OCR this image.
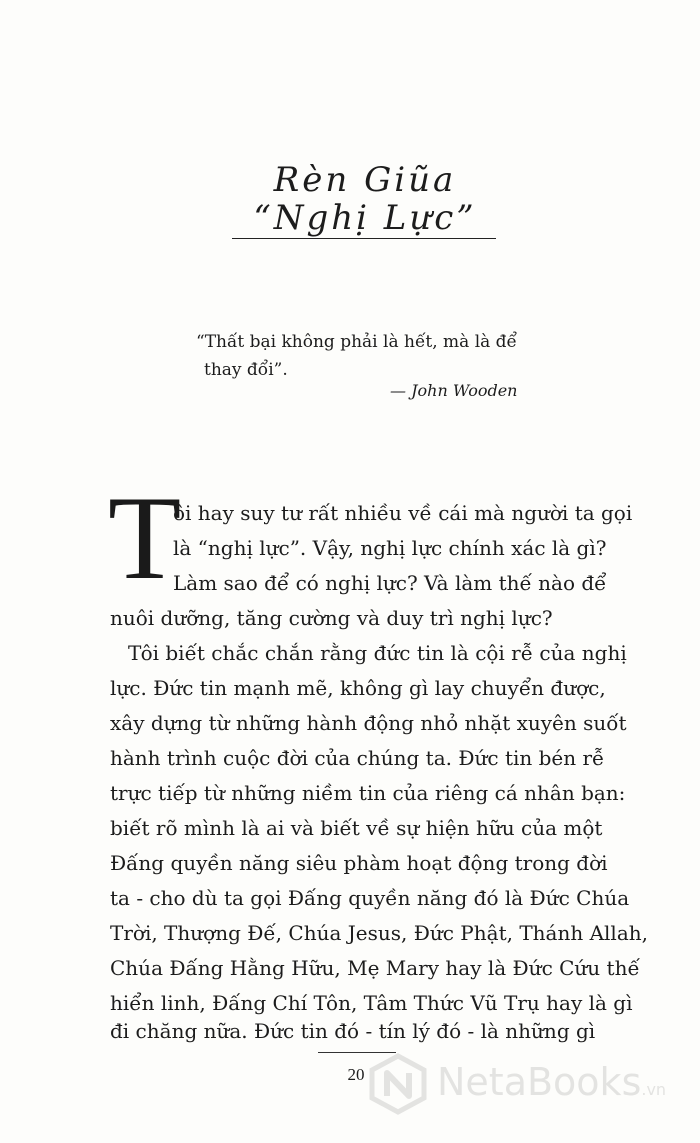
Rèn Giũa
“Nghị Lực”
“Thất bại không phải là hết, mà là để
thay đổi”.
— John Wooden
T
ôi hay suy tư rất nhiều về cái mà người ta gọi
là “nghị lực”. Vậy, nghị lực chính xác là gì?
Làm sao để có nghị lực? Và làm thế nào để
nuôi dưỡng, tăng cường và duy trì nghị lực?
Tôi biết chắc chắn rằng đức tin là cội rễ của nghị
lực. Đức tin mạnh mẽ, không gì lay chuyển được,
xây dựng từ những hành động nhỏ nhặt xuyên suốt
hành trình cuộc đời của chúng ta. Đức tin bén rễ
trực tiếp từ những niềm tin của riêng cá nhân bạn:
biết rõ mình là ai và biết về sự hiện hữu của một
Đấng quyền năng siêu phàm hoạt động trong đời
ta - cho dù ta gọi Đấng quyền năng đó là Đức Chúa
Trời, Thượng Đế, Chúa Jesus, Đức Phật, Thánh Allah,
Chúa Đấng Hằng Hữu, Mẹ Mary hay là Đức Cứu thế
hiển linh, Đấng Chí Tôn, Tâm Thức Vũ Trụ hay là gì
đi chăng nữa. Đức tin đó - tín lý đó - là những gì
20	NetaBooks.vn
